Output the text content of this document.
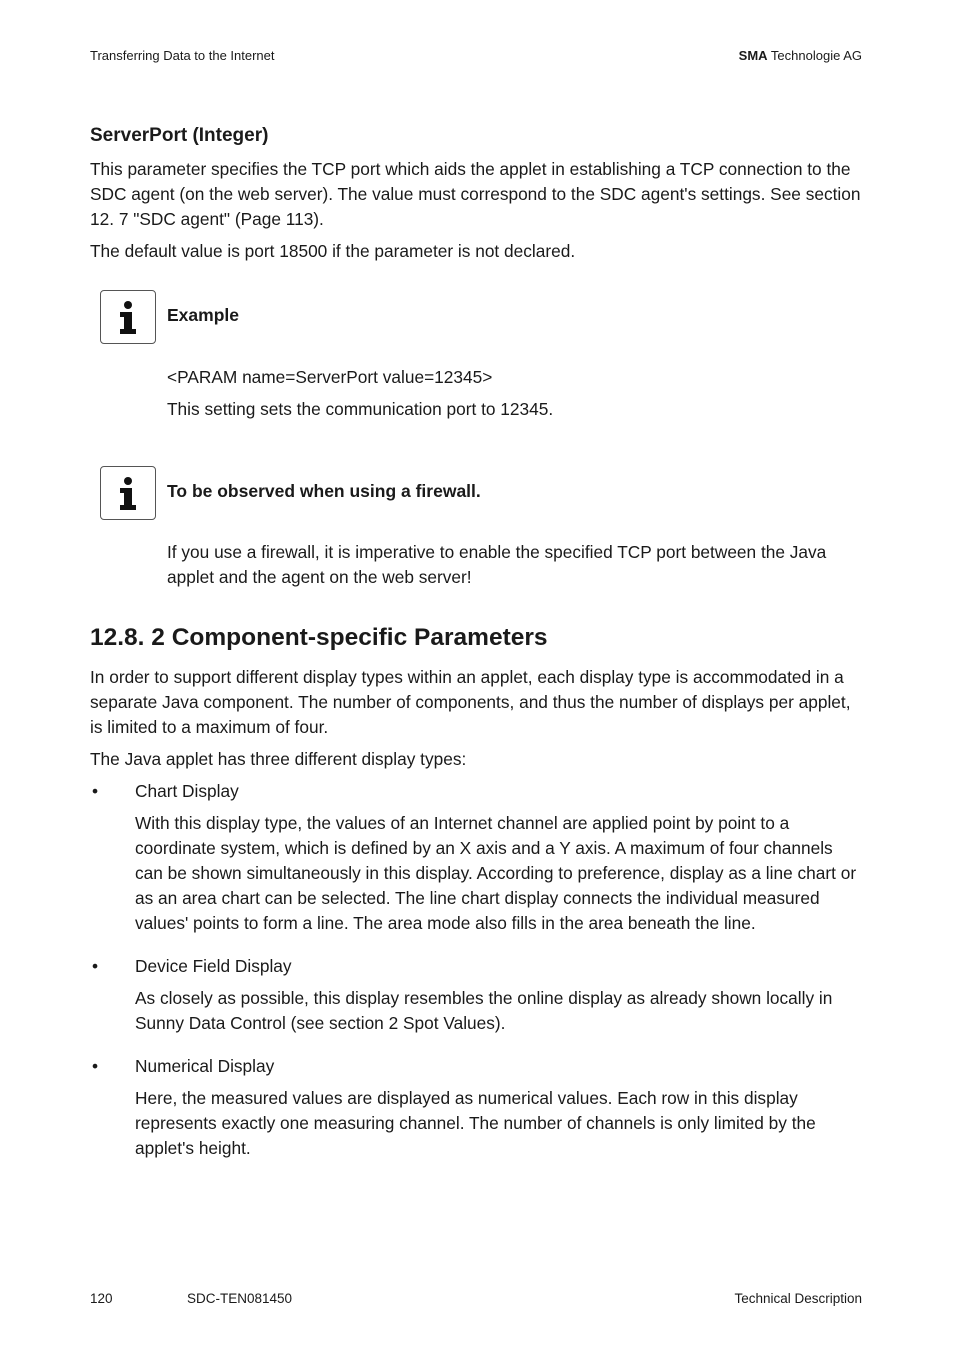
Transferring Data to the Internet	SMA Technologie AG
ServerPort (Integer)

This parameter specifies the TCP port which aids the applet in establishing a TCP connection to the SDC agent (on the web server). The value must correspond to the SDC agent's settings. See section 12. 7 "SDC agent" (Page 113).

The default value is port 18500 if the parameter is not declared.

Example

<PARAM name=ServerPort value=12345>

This setting sets the communication port to 12345.

To be observed when using a firewall.

If you use a firewall, it is imperative to enable the specified TCP port between the Java applet and the agent on the web server!

12.8. 2 Component-specific Parameters

In order to support different display types within an applet, each display type is accommodated in a separate Java component. The number of components, and thus the number of displays per applet, is limited to a maximum of four.

The Java applet has three different display types:

• Chart Display

With this display type, the values of an Internet channel are applied point by point to a coordinate system, which is defined by an X axis and a Y axis. A maximum of four channels can be shown simultaneously in this display. According to preference, display as a line chart or as an area chart can be selected. The line chart display connects the individual measured values' points to form a line. The area mode also fills in the area beneath the line.

• Device Field Display

As closely as possible, this display resembles the online display as already shown locally in Sunny Data Control (see section 2 Spot Values).

• Numerical Display

Here, the measured values are displayed as numerical values. Each row in this display represents exactly one measuring channel. The number of channels is only limited by the applet's height.

120	SDC-TEN081450	Technical Description
